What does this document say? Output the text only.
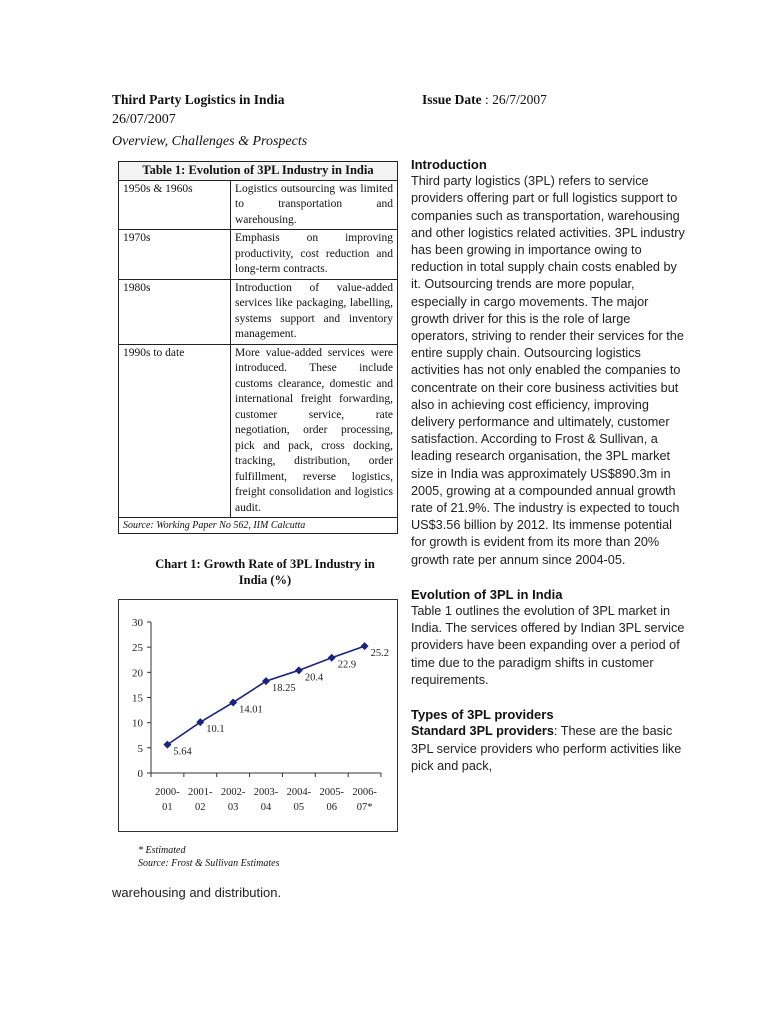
Third Party Logistics in India	Issue Date : 26/7/2007
26/07/2007
Overview, Challenges & Prospects
Table 1: Evolution of 3PL Industry in India	
1950s & 1960s	Logistics outsourcing was limited to transportation and warehousing.
1970s	Emphasis on improving productivity, cost reduction and long-term contracts.
1980s	Introduction of value-added services like packaging, labelling, systems support and inventory management.
1990s to date	More value-added services were introduced. These include customs clearance, domestic and international freight forwarding, customer service, rate negotiation, order processing, pick and pack, cross docking, tracking, distribution, order fulfillment, reverse logistics, freight consolidation and logistics audit.
Source: Working Paper No 562, IIM Calcutta	
Chart 1: Growth Rate of 3PL Industry in India (%)
0
5
10
15
20
25
30
2000-
01
2001-
02
2002-
03
2003-
04
2004-
05
2005-
06
2006-
07*
5.64
10.1
14.01
18.25
20.4
22.9
25.2
* Estimated
Source: Frost & Sullivan Estimates
warehousing and distribution.
Introduction

Third party logistics (3PL) refers to service providers offering part or full logistics support to companies such as transportation, warehousing and other logistics related activities. 3PL industry has been growing in importance owing to reduction in total supply chain costs enabled by it. Outsourcing trends are more popular, especially in cargo movements. The major growth driver for this is the role of large operators, striving to render their services for the entire supply chain. Outsourcing logistics activities has not only enabled the companies to concentrate on their core business activities but also in achieving cost efficiency, improving delivery performance and ultimately, customer satisfaction. According to Frost & Sullivan, a leading research organisation, the 3PL market size in India was approximately US$890.3m in 2005, growing at a compounded annual growth rate of 21.9%. The industry is expected to touch US$3.56 billion by 2012. Its immense potential for growth is evident from its more than 20% growth rate per annum since 2004-05.

Evolution of 3PL in India

Table 1 outlines the evolution of 3PL market in India. The services offered by Indian 3PL service providers have been expanding over a period of time due to the paradigm shifts in customer requirements.

Types of 3PL providers

Standard 3PL providers: These are the basic 3PL service providers who perform activities like pick and pack,
